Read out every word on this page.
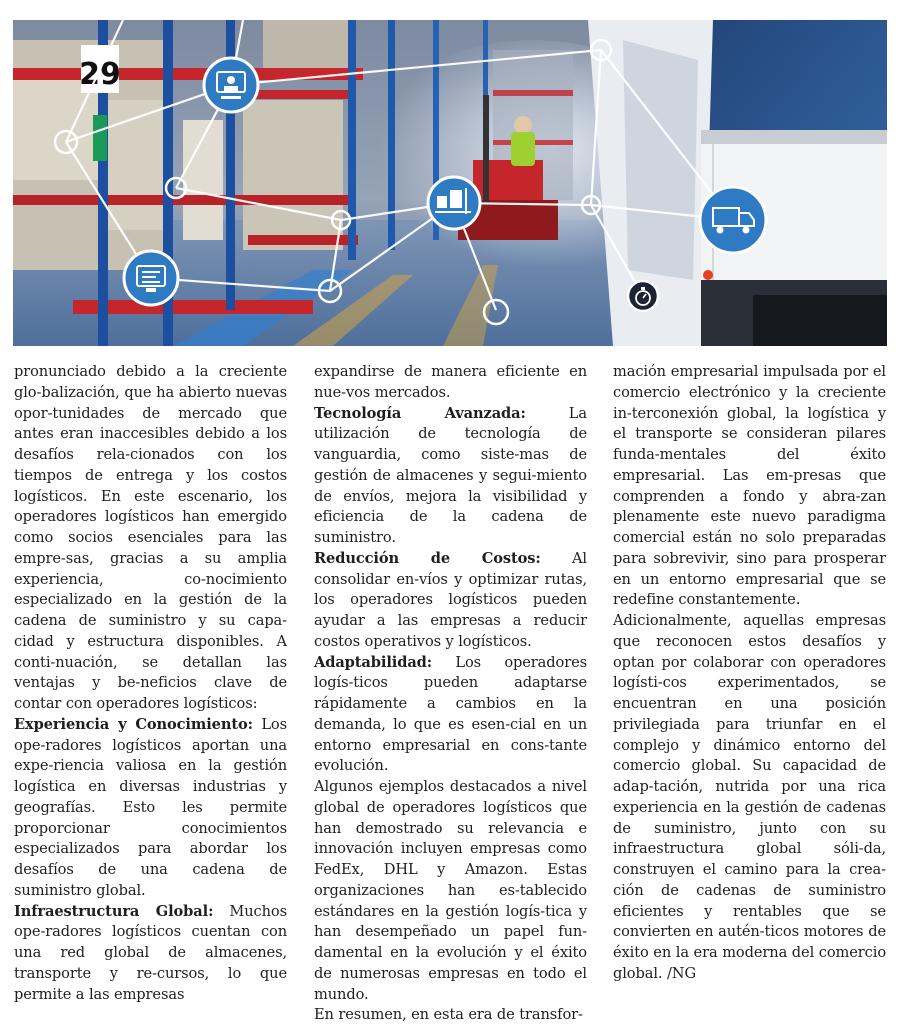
29

pronunciado debido a la creciente glo-balización, que ha abierto nuevas opor-tunidades de mercado que antes eran inaccesibles debido a los desafíos rela-cionados con los tiempos de entrega y los costos logísticos. En este escenario, los operadores logísticos han emergido como socios esenciales para las empre-sas, gracias a su amplia experiencia, co-nocimiento especializado en la gestión de la cadena de suministro y su capa-cidad y estructura disponibles. A conti-nuación, se detallan las ventajas y be-neficios clave de contar con operadores logísticos:

Experiencia y Conocimiento: Los ope-radores logísticos aportan una expe-riencia valiosa en la gestión logística en diversas industrias y geografías. Esto les permite proporcionar conocimientos especializados para abordar los desafíos de una cadena de suministro global.

Infraestructura Global: Muchos ope-radores logísticos cuentan con una red global de almacenes, transporte y re-cursos, lo que permite a las empresas

expandirse de manera eficiente en nue-vos mercados.

Tecnología Avanzada: La utilización de tecnología de vanguardia, como siste-mas de gestión de almacenes y segui-miento de envíos, mejora la visibilidad y eficiencia de la cadena de suministro.

Reducción de Costos: Al consolidar en-víos y optimizar rutas, los operadores logísticos pueden ayudar a las empresas a reducir costos operativos y logísticos.

Adaptabilidad: Los operadores logís-ticos pueden adaptarse rápidamente a cambios en la demanda, lo que es esen-cial en un entorno empresarial en cons-tante evolución.

Algunos ejemplos destacados a nivel global de operadores logísticos que han demostrado su relevancia e innovación incluyen empresas como FedEx, DHL y Amazon. Estas organizaciones han es-tablecido estándares en la gestión logís-tica y han desempeñado un papel fun-damental en la evolución y el éxito de numerosas empresas en todo el mundo.

En resumen, en esta era de transfor-

mación empresarial impulsada por el comercio electrónico y la creciente in-terconexión global, la logística y el transporte se consideran pilares funda-mentales del éxito empresarial. Las em-presas que comprenden a fondo y abra-zan plenamente este nuevo paradigma comercial están no solo preparadas para sobrevivir, sino para prosperar en un entorno empresarial que se redefine constantemente.

Adicionalmente, aquellas empresas que reconocen estos desafíos y optan por colaborar con operadores logísti-cos experimentados, se encuentran en una posición privilegiada para triunfar en el complejo y dinámico entorno del comercio global. Su capacidad de adap-tación, nutrida por una rica experiencia en la gestión de cadenas de suministro, junto con su infraestructura global sóli-da, construyen el camino para la crea-ción de cadenas de suministro eficientes y rentables que se convierten en autén-ticos motores de éxito en la era moderna del comercio global. /NG
